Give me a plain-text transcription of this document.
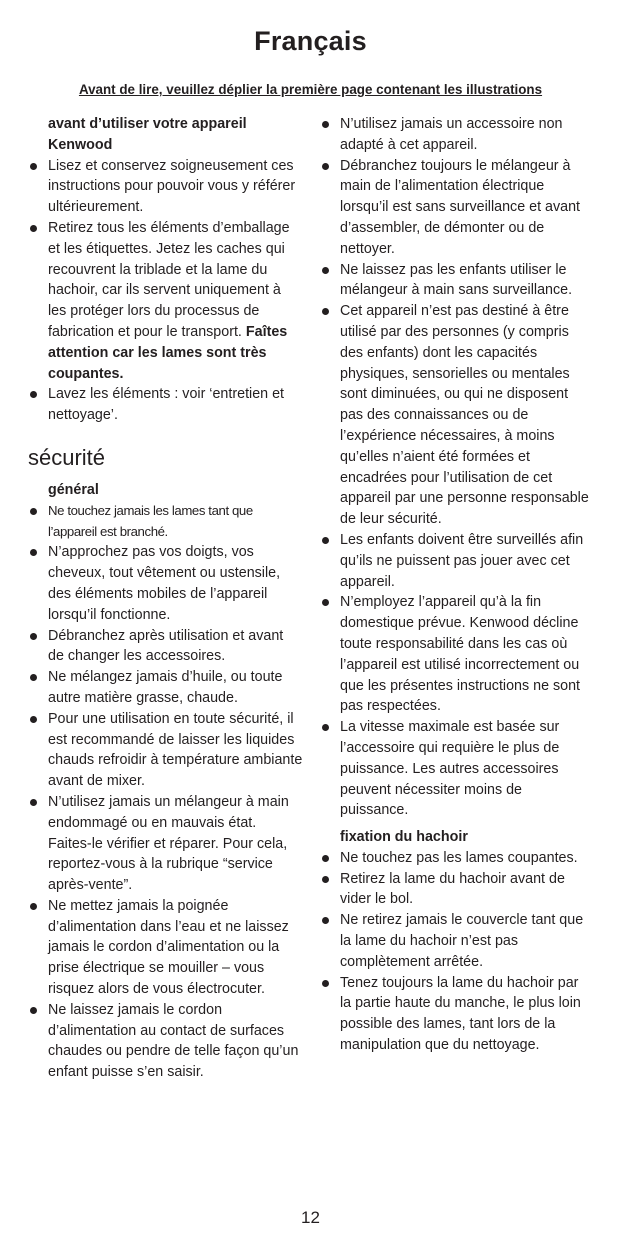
Français
Avant de lire, veuillez déplier la première page contenant les illustrations
avant d’utiliser votre appareil Kenwood
Lisez et conservez soigneusement ces instructions pour pouvoir vous y référer ultérieurement.
Retirez tous les éléments d’emballage et les étiquettes. Jetez les caches qui recouvrent la triblade et la lame du hachoir, car ils servent uniquement à les protéger lors du processus de fabrication et pour le transport. Faîtes attention car les lames sont très coupantes.
Lavez les éléments : voir ‘entretien et nettoyage’.
sécurité
général
Ne touchez jamais les lames tant que l’appareil est branché.
N’approchez pas vos doigts, vos cheveux, tout vêtement ou ustensile, des éléments mobiles de l’appareil lorsqu’il fonctionne.
Débranchez après utilisation et avant de changer les accessoires.
Ne mélangez jamais d’huile, ou toute autre matière grasse, chaude.
Pour une utilisation en toute sécurité, il est recommandé de laisser les liquides chauds refroidir à température ambiante avant de mixer.
N’utilisez jamais un mélangeur à main endommagé ou en mauvais état. Faites-le vérifier et réparer. Pour cela, reportez-vous à la rubrique “service après-vente”.
Ne mettez jamais la poignée d’alimentation dans l’eau et ne laissez jamais le cordon d’alimentation ou la prise électrique se mouiller – vous risquez alors de vous électrocuter.
Ne laissez jamais le cordon d’alimentation au contact de surfaces chaudes ou pendre de telle façon qu’un enfant puisse s’en saisir.
N’utilisez jamais un accessoire non adapté à cet appareil.
Débranchez toujours le mélangeur à main de l’alimentation électrique lorsqu’il est sans surveillance et avant d’assembler, de démonter ou de nettoyer.
Ne laissez pas les enfants utiliser le mélangeur à main sans surveillance.
Cet appareil n’est pas destiné à être utilisé par des personnes (y compris des enfants) dont les capacités physiques, sensorielles ou mentales sont diminuées, ou qui ne disposent pas des connaissances ou de l’expérience nécessaires, à moins qu’elles n’aient été formées et encadrées pour l’utilisation de cet appareil par une personne responsable de leur sécurité.
Les enfants doivent être surveillés afin qu’ils ne puissent pas jouer avec cet appareil.
N’employez l’appareil qu’à la fin domestique prévue. Kenwood décline toute responsabilité dans les cas où l’appareil est utilisé incorrectement ou que les présentes instructions ne sont pas respectées.
La vitesse maximale est basée sur l’accessoire qui requière le plus de puissance. Les autres accessoires peuvent nécessiter moins de puissance.
fixation du hachoir
Ne touchez pas les lames coupantes.
Retirez la lame du hachoir avant de vider le bol.
Ne retirez jamais le couvercle tant que la lame du hachoir n’est pas complètement arrêtée.
Tenez toujours la lame du hachoir par la partie haute du manche, le plus loin possible des lames, tant lors de la manipulation que du nettoyage.
12
